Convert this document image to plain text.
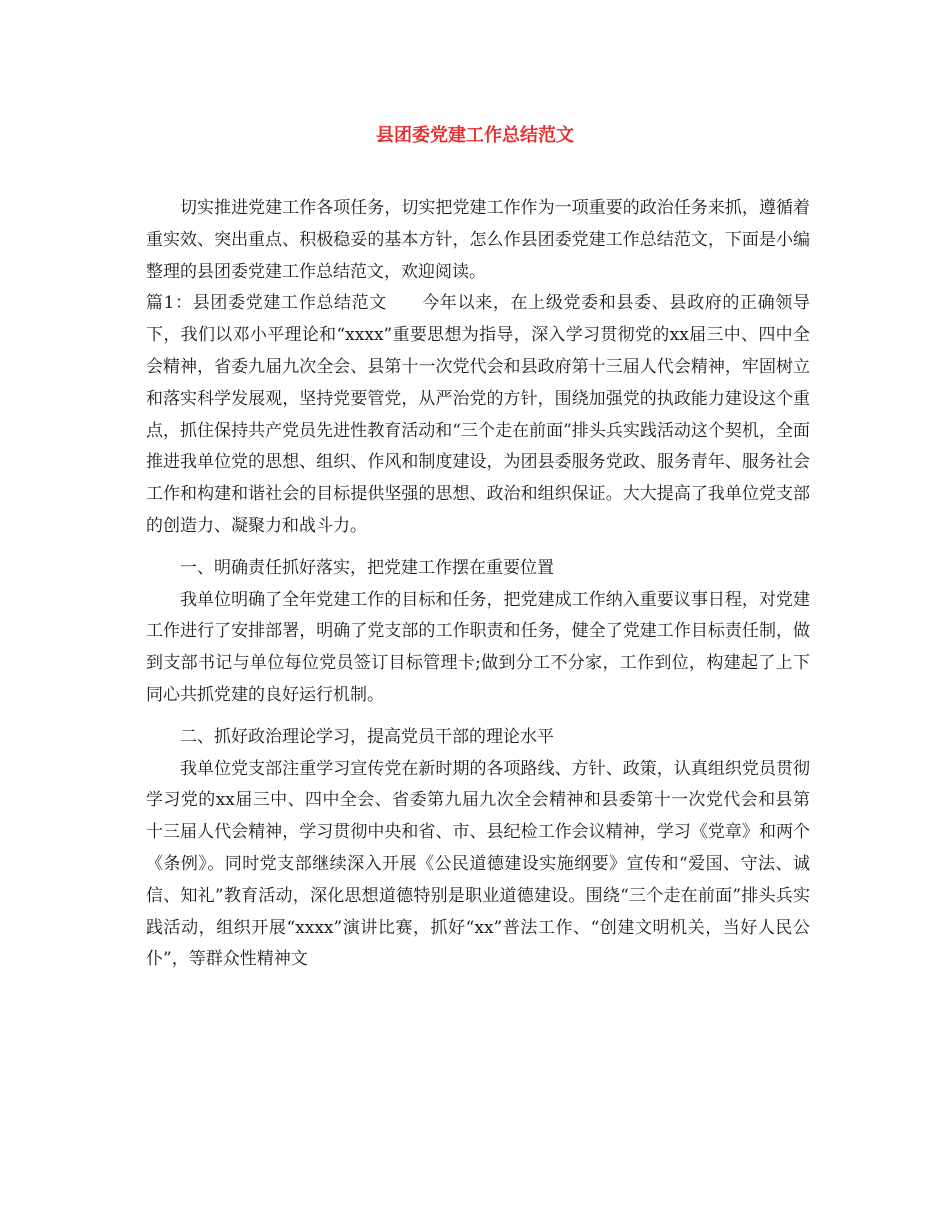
县团委党建工作总结范文

切实推进党建工作各项任务，切实把党建工作作为一项重要的政治任务来抓，遵循着重实效、突出重点、积极稳妥的基本方针，怎么作县团委党建工作总结范文，下面是小编整理的县团委党建工作总结范文，欢迎阅读。

篇1：县团委党建工作总结范文　　今年以来，在上级党委和县委、县政府的正确领导下，我们以邓小平理论和“xxxx”重要思想为指导，深入学习贯彻党的xx届三中、四中全会精神，省委九届九次全会、县第十一次党代会和县政府第十三届人代会精神，牢固树立和落实科学发展观，坚持党要管党，从严治党的方针，围绕加强党的执政能力建设这个重点，抓住保持共产党员先进性教育活动和“三个走在前面”排头兵实践活动这个契机，全面推进我单位党的思想、组织、作风和制度建设，为团县委服务党政、服务青年、服务社会工作和构建和谐社会的目标提供坚强的思想、政治和组织保证。大大提高了我单位党支部的创造力、凝聚力和战斗力。

一、明确责任抓好落实，把党建工作摆在重要位置

我单位明确了全年党建工作的目标和任务，把党建成工作纳入重要议事日程，对党建工作进行了安排部署，明确了党支部的工作职责和任务，健全了党建工作目标责任制，做到支部书记与单位每位党员签订目标管理卡;做到分工不分家，工作到位，构建起了上下同心共抓党建的良好运行机制。

二、抓好政治理论学习，提高党员干部的理论水平

我单位党支部注重学习宣传党在新时期的各项路线、方针、政策，认真组织党员贯彻学习党的xx届三中、四中全会、省委第九届九次全会精神和县委第十一次党代会和县第十三届人代会精神，学习贯彻中央和省、市、县纪检工作会议精神，学习《党章》和两个《条例》。同时党支部继续深入开展《公民道德建设实施纲要》宣传和“爱国、守法、诚信、知礼”教育活动，深化思想道德特别是职业道德建设。围绕“三个走在前面”排头兵实践活动，组织开展“xxxx”演讲比赛，抓好“xx”普法工作、“创建文明机关，当好人民公仆”，等群众性精神文
